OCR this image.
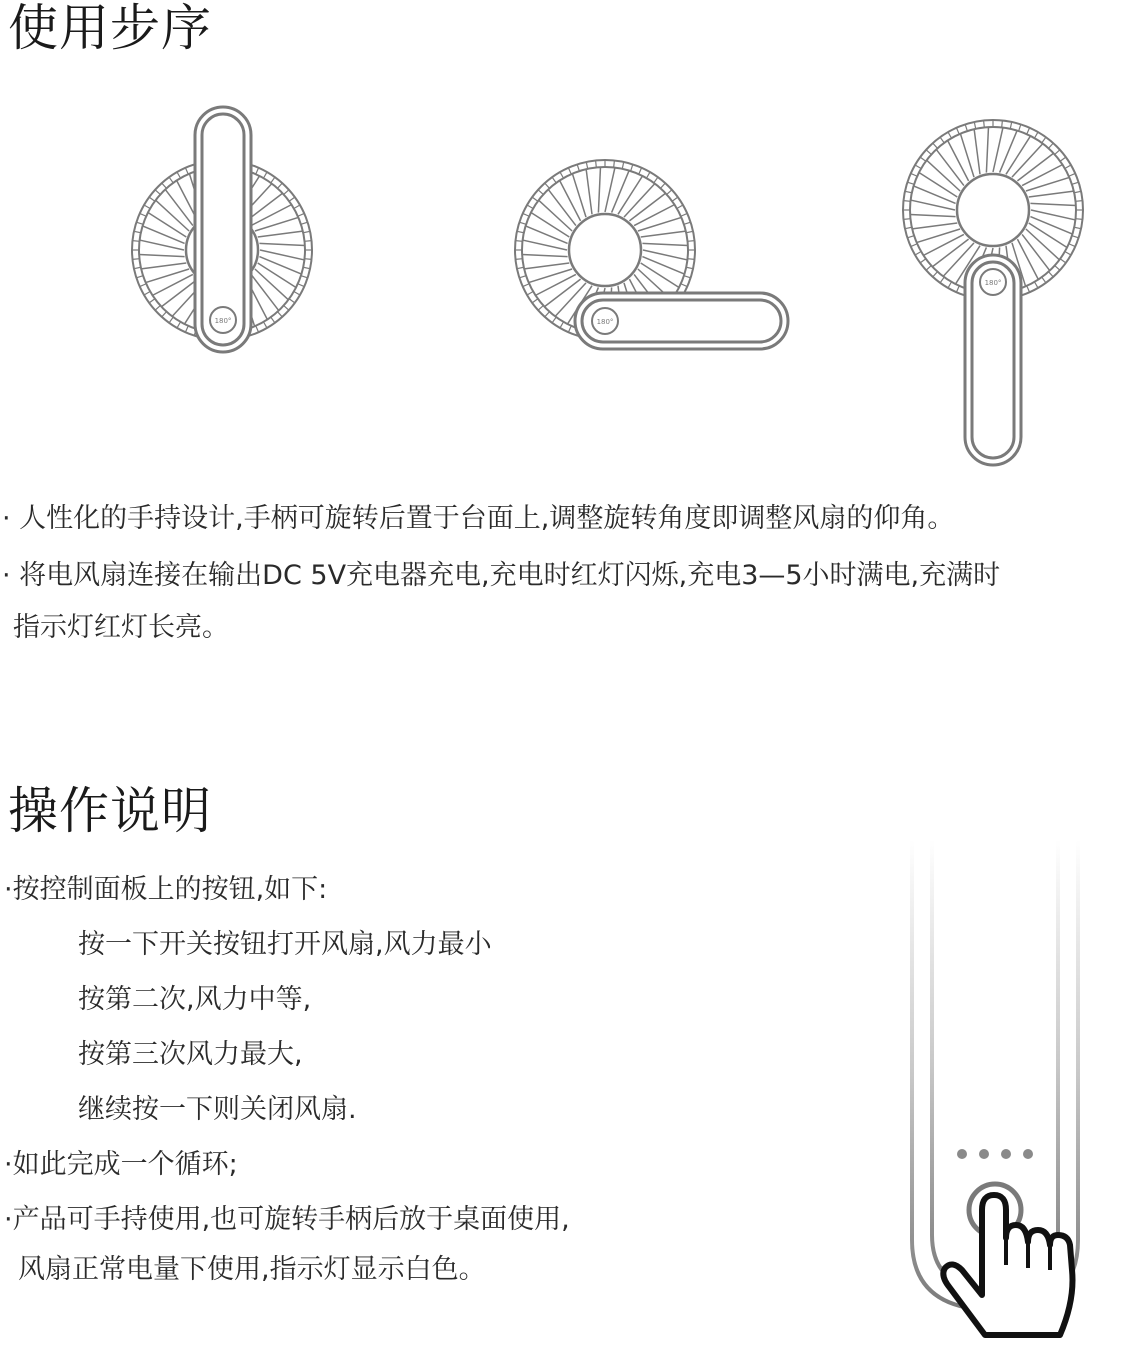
使用步序
180°	180°
180°

· 人性化的手持设计,手柄可旋转后置于台面上,调整旋转角度即调整风扇的仰角。

· 将电风扇连接在输出DC 5V充电器充电,充电时红灯闪烁,充电3—5小时满电,充满时

指示灯红灯长亮。

操作说明

·按控制面板上的按钮,如下:

按一下开关按钮打开风扇,风力最小

按第二次,风力中等,

按第三次风力最大,

继续按一下则关闭风扇.

·如此完成一个循环;

·产品可手持使用,也可旋转手柄后放于桌面使用,

风扇正常电量下使用,指示灯显示白色。
